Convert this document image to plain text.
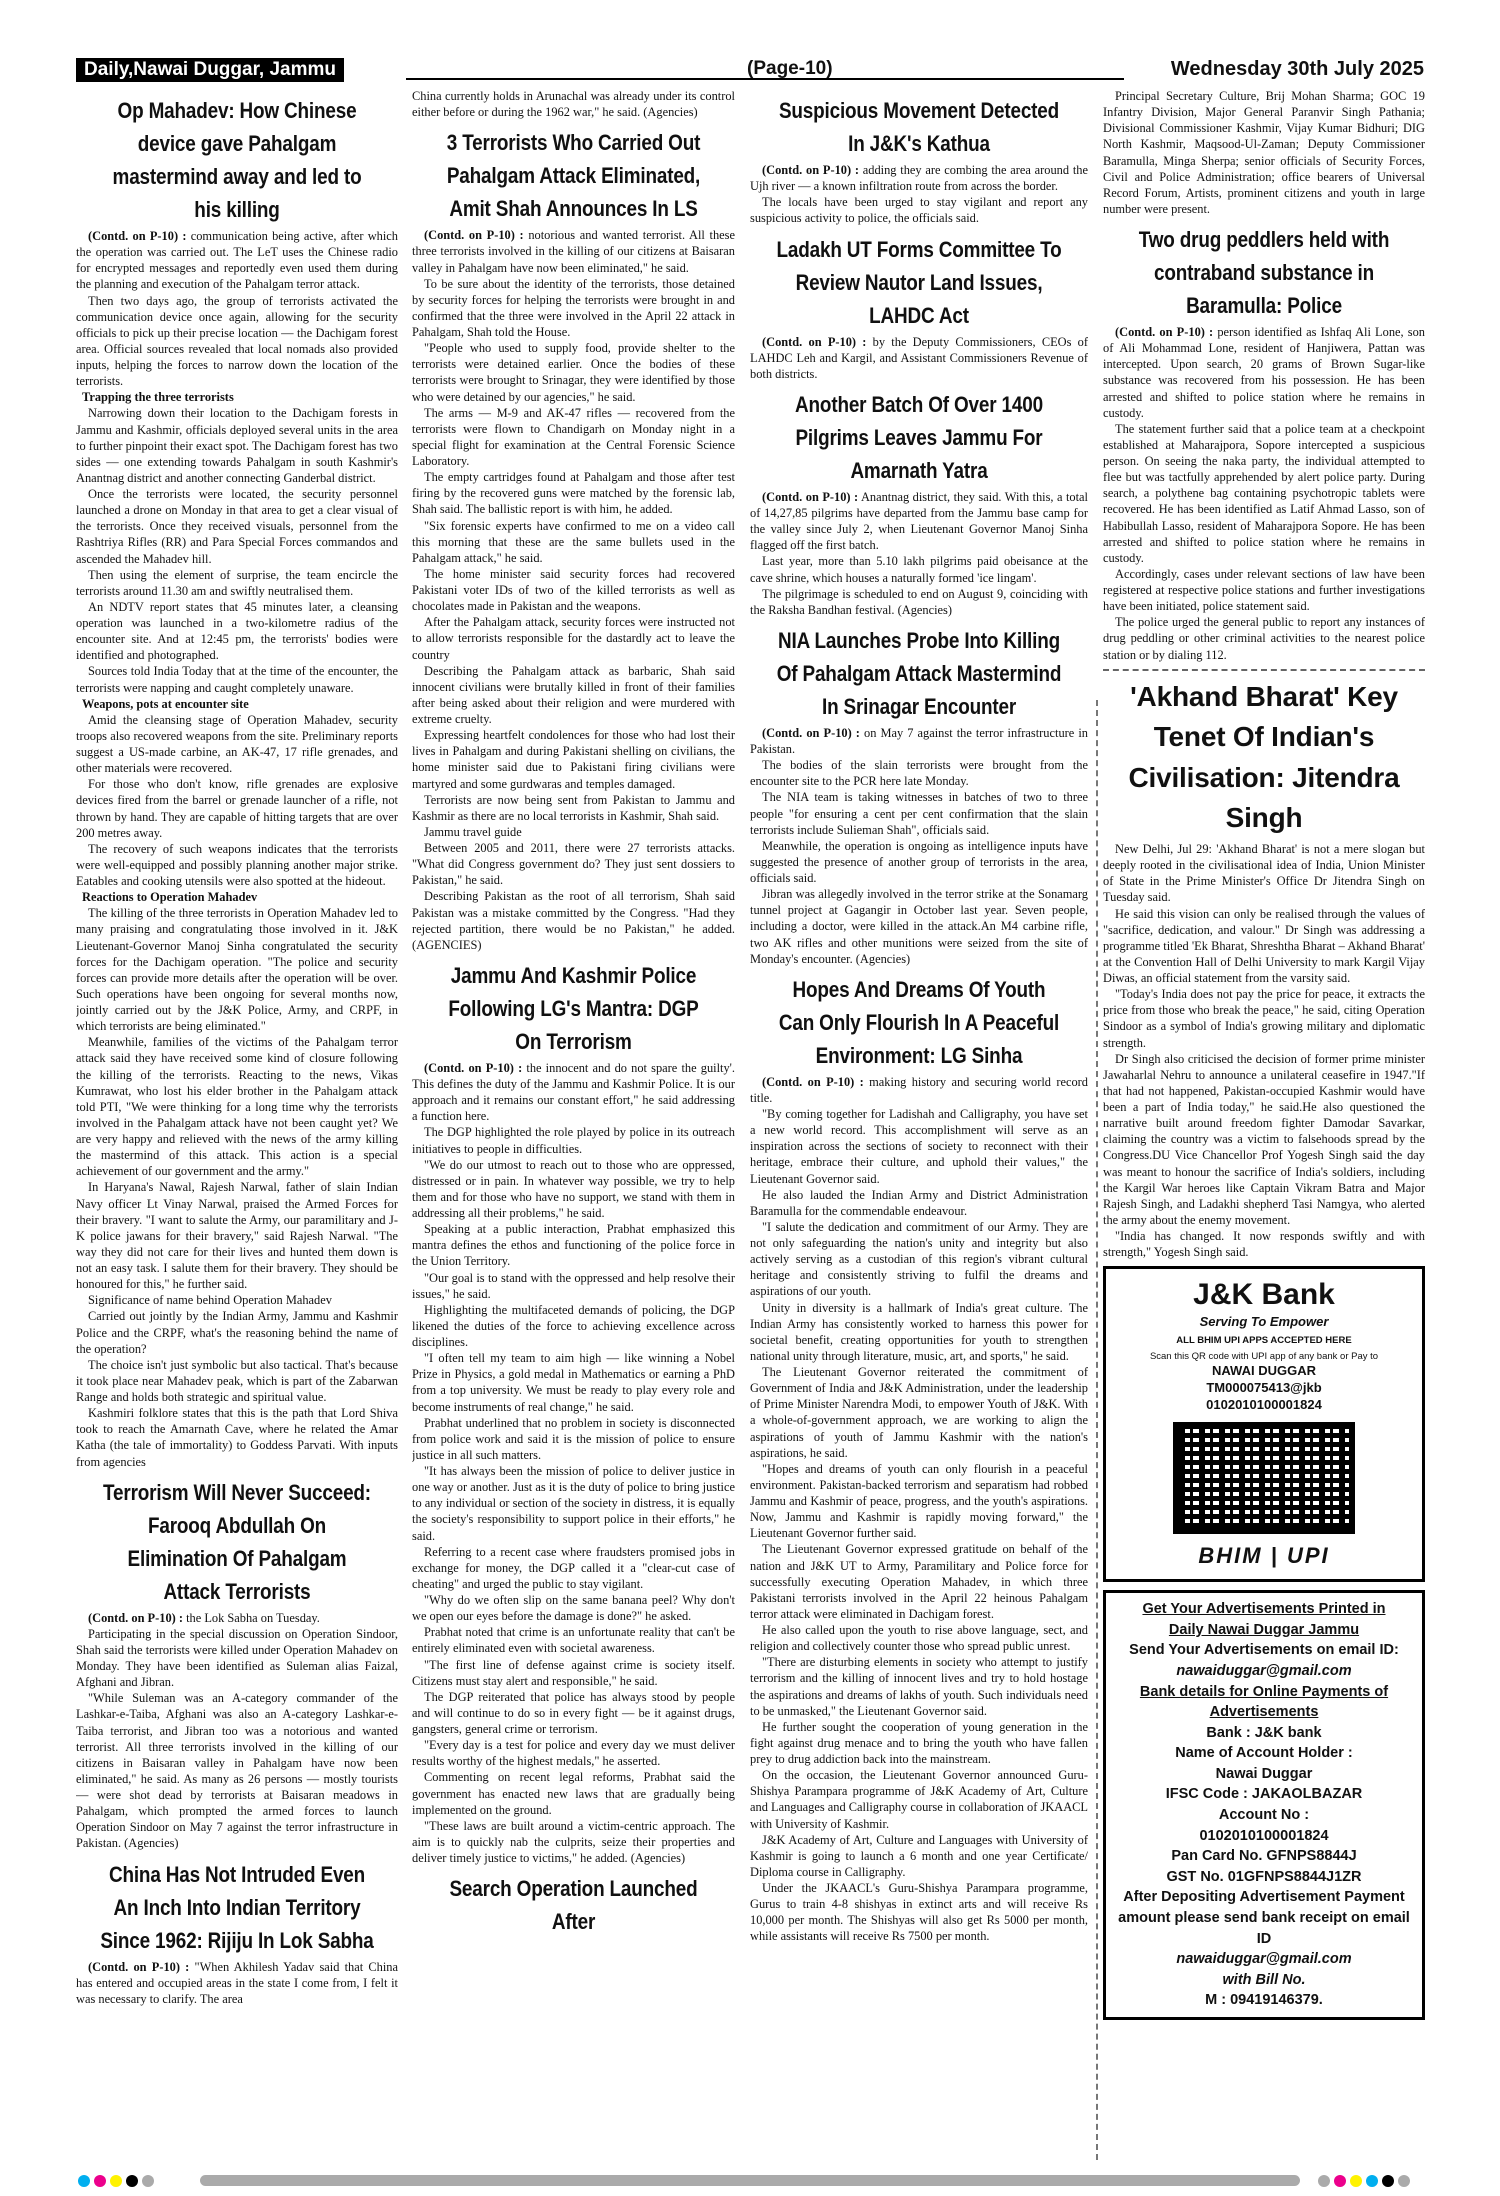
Daily,Nawai Duggar, Jammu	(Page-10)	Wednesday 30th July 2025
Op Mahadev: How Chinese device gave Pahalgam mastermind away and led to his killing

(Contd. on P-10) : communication being active, after which the operation was carried out. The LeT uses the Chinese radio for encrypted messages and reportedly even used them during the planning and execution of the Pahalgam terror attack.

Then two days ago, the group of terrorists activated the communication device once again, allowing for the security officials to pick up their precise location — the Dachigam forest area. Official sources revealed that local nomads also provided inputs, helping the forces to narrow down the location of the terrorists.

Trapping the three terrorists

Narrowing down their location to the Dachigam forests in Jammu and Kashmir, officials deployed several units in the area to further pinpoint their exact spot. The Dachigam forest has two sides — one extending towards Pahalgam in south Kashmir's Anantnag district and another connecting Ganderbal district.

Once the terrorists were located, the security personnel launched a drone on Monday in that area to get a clear visual of the terrorists. Once they received visuals, personnel from the Rashtriya Rifles (RR) and Para Special Forces commandos and ascended the Mahadev hill.

Then using the element of surprise, the team encircle the terrorists around 11.30 am and swiftly neutralised them.

An NDTV report states that 45 minutes later, a cleansing operation was launched in a two-kilometre radius of the encounter site. And at 12:45 pm, the terrorists' bodies were identified and photographed.

Sources told India Today that at the time of the encounter, the terrorists were napping and caught completely unaware.

Weapons, pots at encounter site

Amid the cleansing stage of Operation Mahadev, security troops also recovered weapons from the site. Preliminary reports suggest a US-made carbine, an AK-47, 17 rifle grenades, and other materials were recovered.

For those who don't know, rifle grenades are explosive devices fired from the barrel or grenade launcher of a rifle, not thrown by hand. They are capable of hitting targets that are over 200 metres away.

The recovery of such weapons indicates that the terrorists were well-equipped and possibly planning another major strike. Eatables and cooking utensils were also spotted at the hideout.

Reactions to Operation Mahadev

The killing of the three terrorists in Operation Mahadev led to many praising and congratulating those involved in it. J&K Lieutenant-Governor Manoj Sinha congratulated the security forces for the Dachigam operation. "The police and security forces can provide more details after the operation will be over. Such operations have been ongoing for several months now, jointly carried out by the J&K Police, Army, and CRPF, in which terrorists are being eliminated."

Meanwhile, families of the victims of the Pahalgam terror attack said they have received some kind of closure following the killing of the terrorists. Reacting to the news, Vikas Kumrawat, who lost his elder brother in the Pahalgam attack told PTI, "We were thinking for a long time why the terrorists involved in the Pahalgam attack have not been caught yet? We are very happy and relieved with the news of the army killing the mastermind of this attack. This action is a special achievement of our government and the army."

In Haryana's Nawal, Rajesh Narwal, father of slain Indian Navy officer Lt Vinay Narwal, praised the Armed Forces for their bravery. "I want to salute the Army, our paramilitary and J-K police jawans for their bravery," said Rajesh Narwal. "The way they did not care for their lives and hunted them down is not an easy task. I salute them for their bravery. They should be honoured for this," he further said.

Significance of name behind Operation Mahadev

Carried out jointly by the Indian Army, Jammu and Kashmir Police and the CRPF, what's the reasoning behind the name of the operation?

The choice isn't just symbolic but also tactical. That's because it took place near Mahadev peak, which is part of the Zabarwan Range and holds both strategic and spiritual value.

Kashmiri folklore states that this is the path that Lord Shiva took to reach the Amarnath Cave, where he related the Amar Katha (the tale of immortality) to Goddess Parvati. With inputs from agencies

Terrorism Will Never Succeed: Farooq Abdullah On Elimination Of Pahalgam Attack Terrorists

(Contd. on P-10) : the Lok Sabha on Tuesday.

Participating in the special discussion on Operation Sindoor, Shah said the terrorists were killed under Operation Mahadev on Monday. They have been identified as Suleman alias Faizal, Afghani and Jibran.

"While Suleman was an A-category commander of the Lashkar-e-Taiba, Afghani was also an A-category Lashkar-e-Taiba terrorist, and Jibran too was a notorious and wanted terrorist. All three terrorists involved in the killing of our citizens in Baisaran valley in Pahalgam have now been eliminated," he said. As many as 26 persons — mostly tourists — were shot dead by terrorists at Baisaran meadows in Pahalgam, which prompted the armed forces to launch Operation Sindoor on May 7 against the terror infrastructure in Pakistan. (Agencies)

China Has Not Intruded Even An Inch Into Indian Territory Since 1962: Rijiju In Lok Sabha

(Contd. on P-10) : "When Akhilesh Yadav said that China has entered and occupied areas in the state I come from, I felt it was necessary to clarify. The area

China currently holds in Arunachal was already under its control either before or during the 1962 war," he said. (Agencies)

3 Terrorists Who Carried Out Pahalgam Attack Eliminated, Amit Shah Announces In LS

(Contd. on P-10) : notorious and wanted terrorist. All these three terrorists involved in the killing of our citizens at Baisaran valley in Pahalgam have now been eliminated," he said.

To be sure about the identity of the terrorists, those detained by security forces for helping the terrorists were brought in and confirmed that the three were involved in the April 22 attack in Pahalgam, Shah told the House.

"People who used to supply food, provide shelter to the terrorists were detained earlier. Once the bodies of these terrorists were brought to Srinagar, they were identified by those who were detained by our agencies," he said.

The arms — M-9 and AK-47 rifles — recovered from the terrorists were flown to Chandigarh on Monday night in a special flight for examination at the Central Forensic Science Laboratory.

The empty cartridges found at Pahalgam and those after test firing by the recovered guns were matched by the forensic lab, Shah said. The ballistic report is with him, he added.

"Six forensic experts have confirmed to me on a video call this morning that these are the same bullets used in the Pahalgam attack," he said.

The home minister said security forces had recovered Pakistani voter IDs of two of the killed terrorists as well as chocolates made in Pakistan and the weapons.

After the Pahalgam attack, security forces were instructed not to allow terrorists responsible for the dastardly act to leave the country

Describing the Pahalgam attack as barbaric, Shah said innocent civilians were brutally killed in front of their families after being asked about their religion and were murdered with extreme cruelty.

Expressing heartfelt condolences for those who had lost their lives in Pahalgam and during Pakistani shelling on civilians, the home minister said due to Pakistani firing civilians were martyred and some gurdwaras and temples damaged.

Terrorists are now being sent from Pakistan to Jammu and Kashmir as there are no local terrorists in Kashmir, Shah said.

Jammu travel guide

Between 2005 and 2011, there were 27 terrorists attacks. "What did Congress government do? They just sent dossiers to Pakistan," he said.

Describing Pakistan as the root of all terrorism, Shah said Pakistan was a mistake committed by the Congress. "Had they rejected partition, there would be no Pakistan," he added. (AGENCIES)

Jammu And Kashmir Police Following LG's Mantra: DGP On Terrorism

(Contd. on P-10) : the innocent and do not spare the guilty'. This defines the duty of the Jammu and Kashmir Police. It is our approach and it remains our constant effort," he said addressing a function here.

The DGP highlighted the role played by police in its outreach initiatives to people in difficulties.

"We do our utmost to reach out to those who are oppressed, distressed or in pain. In whatever way possible, we try to help them and for those who have no support, we stand with them in addressing all their problems," he said.

Speaking at a public interaction, Prabhat emphasized this mantra defines the ethos and functioning of the police force in the Union Territory.

"Our goal is to stand with the oppressed and help resolve their issues," he said.

Highlighting the multifaceted demands of policing, the DGP likened the duties of the force to achieving excellence across disciplines.

"I often tell my team to aim high — like winning a Nobel Prize in Physics, a gold medal in Mathematics or earning a PhD from a top university. We must be ready to play every role and become instruments of real change," he said.

Prabhat underlined that no problem in society is disconnected from police work and said it is the mission of police to ensure justice in all such matters.

"It has always been the mission of police to deliver justice in one way or another. Just as it is the duty of police to bring justice to any individual or section of the society in distress, it is equally the society's responsibility to support police in their efforts," he said.

Referring to a recent case where fraudsters promised jobs in exchange for money, the DGP called it a "clear-cut case of cheating" and urged the public to stay vigilant.

"Why do we often slip on the same banana peel? Why don't we open our eyes before the damage is done?" he asked.

Prabhat noted that crime is an unfortunate reality that can't be entirely eliminated even with societal awareness.

"The first line of defense against crime is society itself. Citizens must stay alert and responsible," he said.

The DGP reiterated that police has always stood by people and will continue to do so in every fight — be it against drugs, gangsters, general crime or terrorism.

"Every day is a test for police and every day we must deliver results worthy of the highest medals," he asserted.

Commenting on recent legal reforms, Prabhat said the government has enacted new laws that are gradually being implemented on the ground.

"These laws are built around a victim-centric approach. The aim is to quickly nab the culprits, seize their properties and deliver timely justice to victims," he added. (Agencies)

Search Operation Launched After
Suspicious Movement Detected In J&K's Kathua

(Contd. on P-10) : adding they are combing the area around the Ujh river — a known infiltration route from across the border.

The locals have been urged to stay vigilant and report any suspicious activity to police, the officials said.

Ladakh UT Forms Committee To Review Nautor Land Issues, LAHDC Act

(Contd. on P-10) : by the Deputy Commissioners, CEOs of LAHDC Leh and Kargil, and Assistant Commissioners Revenue of both districts.

Another Batch Of Over 1400 Pilgrims Leaves Jammu For Amarnath Yatra

(Contd. on P-10) : Anantnag district, they said. With this, a total of 14,27,85 pilgrims have departed from the Jammu base camp for the valley since July 2, when Lieutenant Governor Manoj Sinha flagged off the first batch.

Last year, more than 5.10 lakh pilgrims paid obeisance at the cave shrine, which houses a naturally formed 'ice lingam'.

The pilgrimage is scheduled to end on August 9, coinciding with the Raksha Bandhan festival. (Agencies)

NIA Launches Probe Into Killing Of Pahalgam Attack Mastermind In Srinagar Encounter

(Contd. on P-10) : on May 7 against the terror infrastructure in Pakistan.

The bodies of the slain terrorists were brought from the encounter site to the PCR here late Monday.

The NIA team is taking witnesses in batches of two to three people "for ensuring a cent per cent confirmation that the slain terrorists include Sulieman Shah", officials said.

Meanwhile, the operation is ongoing as intelligence inputs have suggested the presence of another group of terrorists in the area, officials said.

Jibran was allegedly involved in the terror strike at the Sonamarg tunnel project at Gagangir in October last year. Seven people, including a doctor, were killed in the attack.An M4 carbine rifle, two AK rifles and other munitions were seized from the site of Monday's encounter. (Agencies)

Hopes And Dreams Of Youth Can Only Flourish In A Peaceful Environment: LG Sinha

(Contd. on P-10) : making history and securing world record title.

"By coming together for Ladishah and Calligraphy, you have set a new world record. This accomplishment will serve as an inspiration across the sections of society to reconnect with their heritage, embrace their culture, and uphold their values," the Lieutenant Governor said.

He also lauded the Indian Army and District Administration Baramulla for the commendable endeavour.

"I salute the dedication and commitment of our Army. They are not only safeguarding the nation's unity and integrity but also actively serving as a custodian of this region's vibrant cultural heritage and consistently striving to fulfil the dreams and aspirations of our youth.

Unity in diversity is a hallmark of India's great culture. The Indian Army has consistently worked to harness this power for societal benefit, creating opportunities for youth to strengthen national unity through literature, music, art, and sports," he said.

The Lieutenant Governor reiterated the commitment of Government of India and J&K Administration, under the leadership of Prime Minister Narendra Modi, to empower Youth of J&K. With a whole-of-government approach, we are working to align the aspirations of youth of Jammu Kashmir with the nation's aspirations, he said.

"Hopes and dreams of youth can only flourish in a peaceful environment. Pakistan-backed terrorism and separatism had robbed Jammu and Kashmir of peace, progress, and the youth's aspirations. Now, Jammu and Kashmir is rapidly moving forward," the Lieutenant Governor further said.

The Lieutenant Governor expressed gratitude on behalf of the nation and J&K UT to Army, Paramilitary and Police force for successfully executing Operation Mahadev, in which three Pakistani terrorists involved in the April 22 heinous Pahalgam terror attack were eliminated in Dachigam forest.

He also called upon the youth to rise above language, sect, and religion and collectively counter those who spread public unrest.

"There are disturbing elements in society who attempt to justify terrorism and the killing of innocent lives and try to hold hostage the aspirations and dreams of lakhs of youth. Such individuals need to be unmasked," the Lieutenant Governor said.

He further sought the cooperation of young generation in the fight against drug menace and to bring the youth who have fallen prey to drug addiction back into the mainstream.

On the occasion, the Lieutenant Governor announced Guru-Shishya Parampara programme of J&K Academy of Art, Culture and Languages and Calligraphy course in collaboration of JKAACL with University of Kashmir.

J&K Academy of Art, Culture and Languages with University of Kashmir is going to launch a 6 month and one year Certificate/ Diploma course in Calligraphy.

Under the JKAACL's Guru-Shishya Parampara programme, Gurus to train 4-8 shishyas in extinct arts and will receive Rs 10,000 per month. The Shishyas will also get Rs 5000 per month, while assistants will receive Rs 7500 per month.

Principal Secretary Culture, Brij Mohan Sharma; GOC 19 Infantry Division, Major General Paranvir Singh Pathania; Divisional Commissioner Kashmir, Vijay Kumar Bidhuri; DIG North Kashmir, Maqsood-Ul-Zaman; Deputy Commissioner Baramulla, Minga Sherpa; senior officials of Security Forces, Civil and Police Administration; office bearers of Universal Record Forum, Artists, prominent citizens and youth in large number were present.

Two drug peddlers held with contraband substance in Baramulla: Police

(Contd. on P-10) : person identified as Ishfaq Ali Lone, son of Ali Mohammad Lone, resident of Hanjiwera, Pattan was intercepted. Upon search, 20 grams of Brown Sugar-like substance was recovered from his possession. He has been arrested and shifted to police station where he remains in custody.

The statement further said that a police team at a checkpoint established at Maharajpora, Sopore intercepted a suspicious person. On seeing the naka party, the individual attempted to flee but was tactfully apprehended by alert police party. During search, a polythene bag containing psychotropic tablets were recovered. He has been identified as Latif Ahmad Lasso, son of Habibullah Lasso, resident of Maharajpora Sopore. He has been arrested and shifted to police station where he remains in custody.

Accordingly, cases under relevant sections of law have been registered at respective police stations and further investigations have been initiated, police statement said.

The police urged the general public to report any instances of drug peddling or other criminal activities to the nearest police station or by dialing 112.

'Akhand Bharat' Key Tenet Of Indian's Civilisation: Jitendra Singh

New Delhi, Jul 29: 'Akhand Bharat' is not a mere slogan but deeply rooted in the civilisational idea of India, Union Minister of State in the Prime Minister's Office Dr Jitendra Singh on Tuesday said.

He said this vision can only be realised through the values of "sacrifice, dedication, and valour." Dr Singh was addressing a programme titled 'Ek Bharat, Shreshtha Bharat – Akhand Bharat' at the Convention Hall of Delhi University to mark Kargil Vijay Diwas, an official statement from the varsity said.

"Today's India does not pay the price for peace, it extracts the price from those who break the peace," he said, citing Operation Sindoor as a symbol of India's growing military and diplomatic strength.

Dr Singh also criticised the decision of former prime minister Jawaharlal Nehru to announce a unilateral ceasefire in 1947."If that had not happened, Pakistan-occupied Kashmir would have been a part of India today," he said.He also questioned the narrative built around freedom fighter Damodar Savarkar, claiming the country was a victim to falsehoods spread by the Congress.DU Vice Chancellor Prof Yogesh Singh said the day was meant to honour the sacrifice of India's soldiers, including the Kargil War heroes like Captain Vikram Batra and Major Rajesh Singh, and Ladakhi shepherd Tasi Namgya, who alerted the army about the enemy movement.

"India has changed. It now responds swiftly and with strength," Yogesh Singh said.

J&K Bank
Serving To Empower
ALL BHIM UPI APPS ACCEPTED HERE
Scan this QR code with UPI app of any bank or Pay to
NAWAI DUGGAR
TM000075413@jkb
0102010100001824
BHIM | UPI
Get Your Advertisements Printed in
Daily Nawai Duggar Jammu
Send Your Advertisements on email ID:
nawaiduggar@gmail.com
Bank details for Online Payments of Advertisements
Bank : J&K bank
Name of Account Holder :
Nawai Duggar
IFSC Code : JAKAOLBAZAR
Account No :
0102010100001824
Pan Card No. GFNPS8844J
GST No. 01GFNPS8844J1ZR
After Depositing Advertisement Payment amount please send bank receipt on email ID
nawaiduggar@gmail.com
with Bill No.
M : 09419146379.
